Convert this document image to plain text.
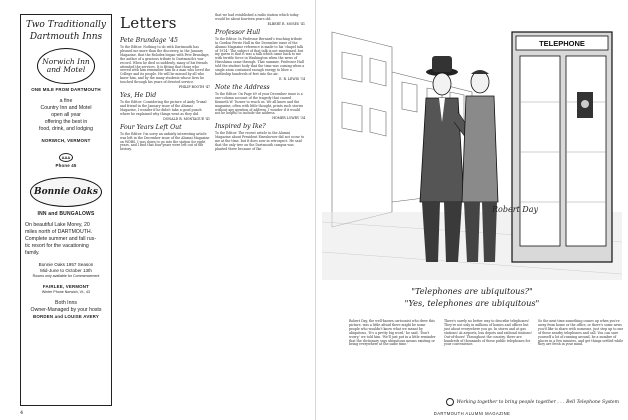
Two Traditionally
Dartmouth Inns
Norwich Inn
and Motel
ONE MILE FROM DARTMOUTH
a fine
Country Inn and Motel
open all year
offering the best in
food, drink, and lodging
NORWICH, VERMONT
AAA
Phone 45
Bonnie Oaks
INN and BUNGALOWS
On beautiful Lake Morey, 20
miles north of DARTMOUTH.
Complete summer and fall rus-
tic resort for the vacationing
family.
Bonnie Oaks 1957 Season
Mid-June to October 13th
Rooms only available for Commencement
FAIRLEE, VERMONT
Winter Phone Norwich, Vt., 43
Both Inns
Owner-Managed by your hosts
BORDEN and LOUISE AVERY
Letters
Pete Brundage '45

To the Editor: Nothing to do with Dartmouth has pleased me more than the discovery, in the January Magazine, that the Rolodex began with Pete Brundage, the author of a gracious tribute to Dartmouth's war record. When he died so suddenly, many of his friends attended the services. It is fitting that those who served with him remember him as a man who loved the College and its people. He will be missed by all who knew him, and by the many students whose lives he touched through his years of devoted service.

PHILIP BOOTH '47
Yes, He Did

To the Editor: Considering the picture of Andy Truxal and friend in the January issue of the Alumni Magazine, I wonder if he didn't take a good punch where he explained why things went as they did.

DONALD B. MONTAGUE '41
Four Years Left Out

To the Editor: I'm sorry an unfairly interesting article was left in the December issue of the Alumni Magazine on WDBS. I was down to go into the station for eight years, and I find that four years were left out of the history.

that we had established a radio station which today would be about fourteen years old.

ELBERT R. MOSES '41
Professor Hull

To the Editor: In Professor Bernard's teaching tribute to Gordon Ferrie Hull in the December issue of the Alumni Magazine reference is made to his 'chapel talk of 1914.' The subject of that talk is not mentioned, but my guess is that it was a talk which came back to me with terrific force in Washington when the news of Hiroshima came through. That summer, Professor Hull told the student body that the time was coming when a single atom contained enough energy to blow a battleship hundreds of feet into the air.

E. R. LEWIS '14
Note the Address

To the Editor: On Page 69 of your December issue is a one-column account of the tragedy that caused Kenneth W. Turner to reach us. We all know and the magazine, often with little thought, prints such stories without any mention of address. I wonder if it would not be helpful to include the address.

HOMER LOWRY '34
Inspired by Ike?

To the Editor: The recent article in the Alumni Magazine about President Eisenhower did not occur to me at the time, but it does now in retrospect. He said that the only tree on the Dartmouth campus was planted there because of Ike.

4
TELEPHONE
Robert Day
"Telephones are ubiquitous?"
"Yes, telephones are ubiquitous"

Robert Day, the well-known cartoonist who drew this picture, was a little afraid there might be some people who wouldn't know what we meant by ubiquitous. 'It's a pretty big word,' he said. 'Don't worry,' we told him. 'We'll just put in a little reminder that the dictionary says ubiquitous means existing or being everywhere at the same time.'

There's surely no better way to describe telephones! They're not only in millions of homes and offices but just about everywhere you go. In stores and at gas stations! At airports, bus depots and railroad stations! Out-of-doors! Throughout the country, there are hundreds of thousands of these public telephones for your convenience.

So the next time something comes up when you're away from home or the office, or there's some news you'd like to share with someone, just step up to one of these nearby telephones and call. You can save yourself a lot of running around, be a number of places in a few minutes, and get things settled while they are fresh in your mind.

Working together to bring people together . . . Bell Telephone System
DARTMOUTH ALUMNI MAGAZINE
